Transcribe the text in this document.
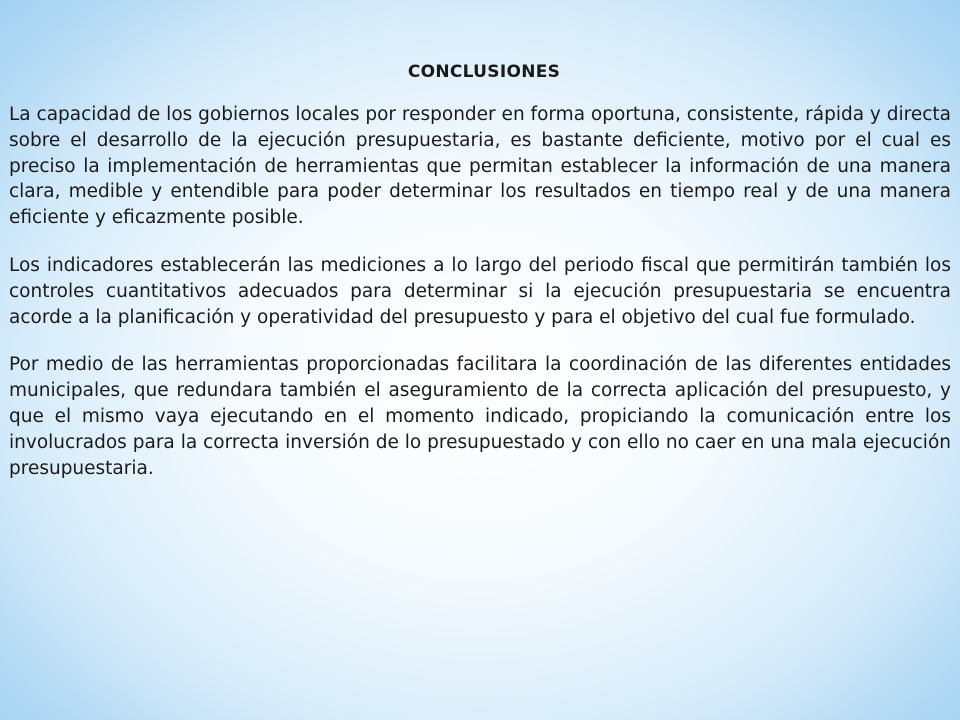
CONCLUSIONES

La capacidad de los gobiernos locales por responder en forma oportuna, consistente, rápida y directa sobre el desarrollo de la ejecución presupuestaria, es bastante deficiente, motivo por el cual es preciso la implementación de herramientas que permitan establecer la información de una manera clara, medible y entendible para poder determinar los resultados en tiempo real y de una manera eficiente y eficazmente posible.

Los indicadores establecerán las mediciones a lo largo del periodo fiscal que permitirán también los controles cuantitativos adecuados para determinar si la ejecución presupuestaria se encuentra acorde a la planificación y operatividad del presupuesto y para el objetivo del cual fue formulado.

Por medio de las herramientas proporcionadas facilitara la coordinación de las diferentes entidades municipales, que redundara también el aseguramiento de la correcta aplicación del presupuesto, y que el mismo vaya ejecutando en el momento indicado, propiciando la comunicación entre los involucrados para la correcta inversión de lo presupuestado y con ello no caer en una mala ejecución presupuestaria.
